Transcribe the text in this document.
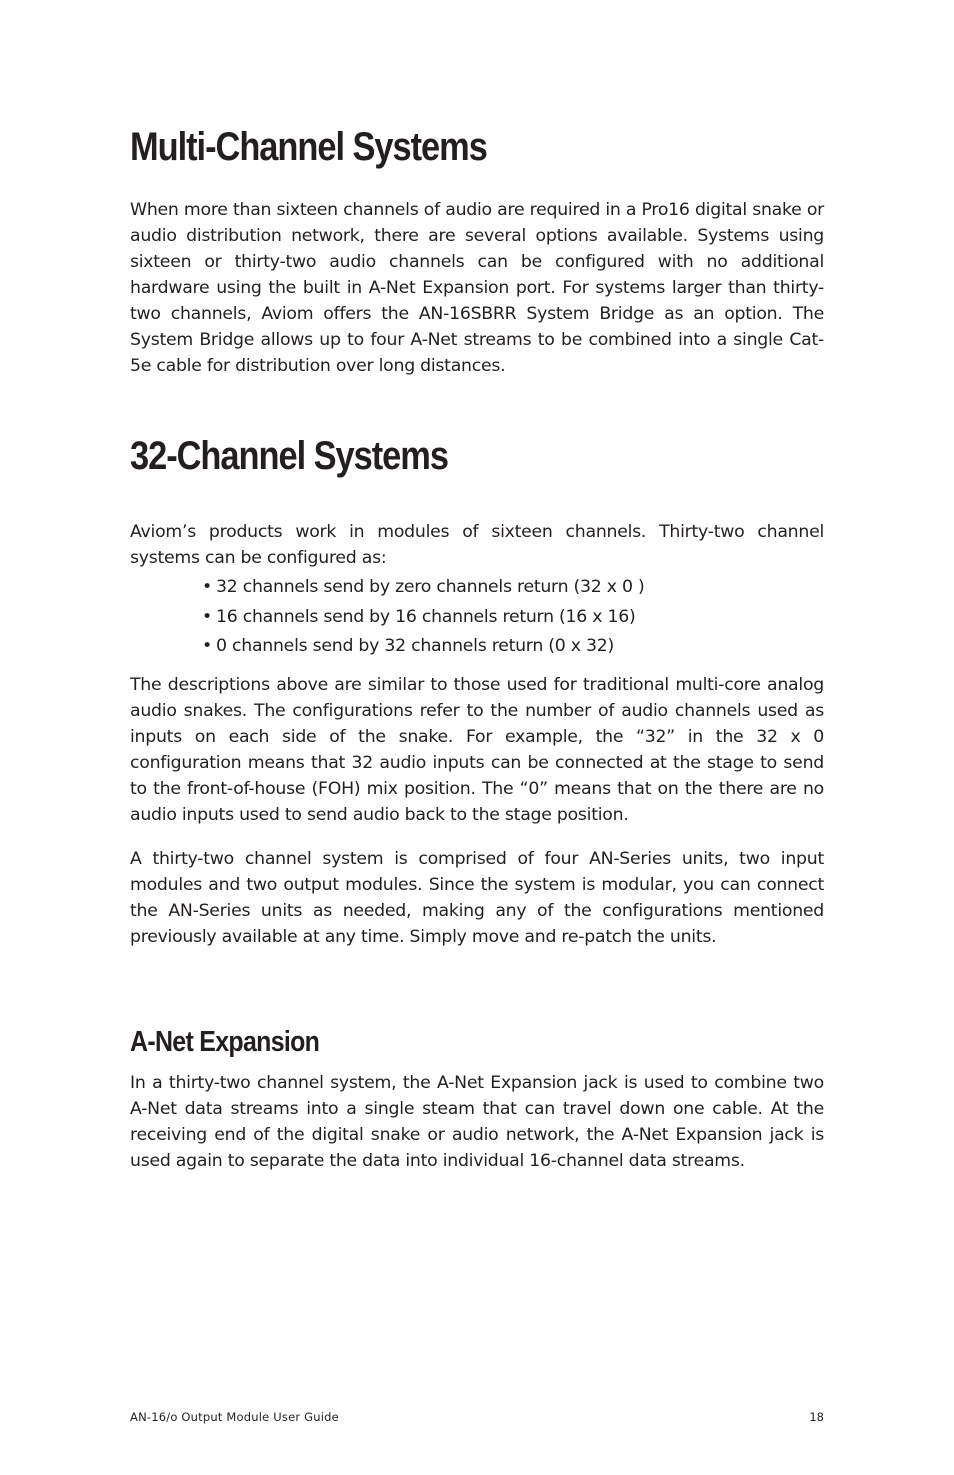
Multi-Channel Systems

When more than sixteen channels of audio are required in a Pro16 digital snake or audio distribution network, there are several options available. Systems using sixteen or thirty-two audio channels can be configured with no additional hardware using the built in A-Net Expansion port. For systems larger than thirty-two channels, Aviom offers the AN-16SBRR System Bridge as an option. The System Bridge allows up to four A-Net streams to be combined into a single Cat-5e cable for distribution over long distances.

32-Channel Systems

Aviom’s products work in modules of sixteen channels. Thirty-two channel systems can be configured as:

• 32 channels send by zero channels return (32 x 0 )
• 16 channels send by 16 channels return (16 x 16)
• 0 channels send by 32 channels return (0 x 32)

The descriptions above are similar to those used for traditional multi-core analog audio snakes. The configurations refer to the number of audio channels used as inputs on each side of the snake. For example, the “32” in the 32 x 0 configuration means that 32 audio inputs can be connected at the stage to send to the front-of-house (FOH) mix position. The “0” means that on the there are no audio inputs used to send audio back to the stage position.

A thirty-two channel system is comprised of four AN-Series units, two input modules and two output modules. Since the system is modular, you can connect the AN-Series units as needed, making any of the configurations mentioned previously available at any time. Simply move and re-patch the units.

A-Net Expansion

In a thirty-two channel system, the A-Net Expansion jack is used to combine two A-Net data streams into a single steam that can travel down one cable. At the receiving end of the digital snake or audio network, the A-Net Expansion jack is used again to separate the data into individual 16-channel data streams.

AN-16/o Output Module User Guide	18
